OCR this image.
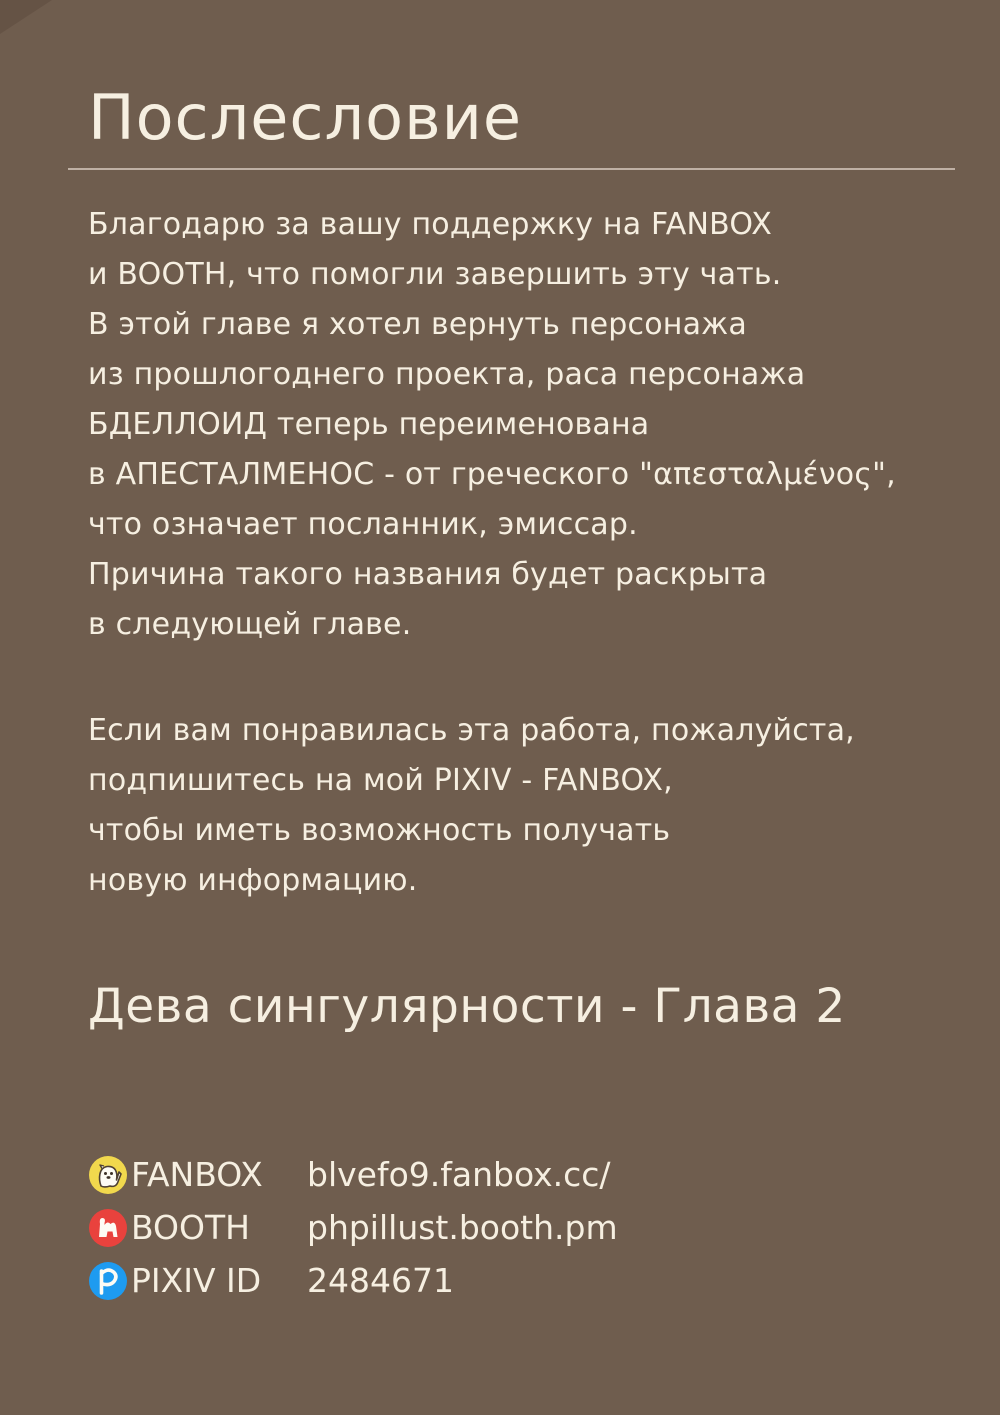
Послесловие
Благодарю за вашу поддержку на FANBOX
и BOOTH, что помогли завершить эту чать.
В этой главе я хотел вернуть персонажа
из прошлогоднего проекта, раса персонажа
БДЕЛЛОИД теперь переименована
в АПЕСТАЛМЕНОС - от греческого "απεσταλμένος",
что означает посланник, эмиссар.
Причина такого названия будет раскрыта
в следующей главе.
Если вам понравилась эта работа, пожалуйста,
подпишитесь на мой PIXIV - FANBOX,
чтобы иметь возможность получать
новую информацию.
Дева сингулярности - Глава 2
FANBOX	blvefo9.fanbox.cc/
BOOTH	phpillust.booth.pm
PIXIV ID	2484671
